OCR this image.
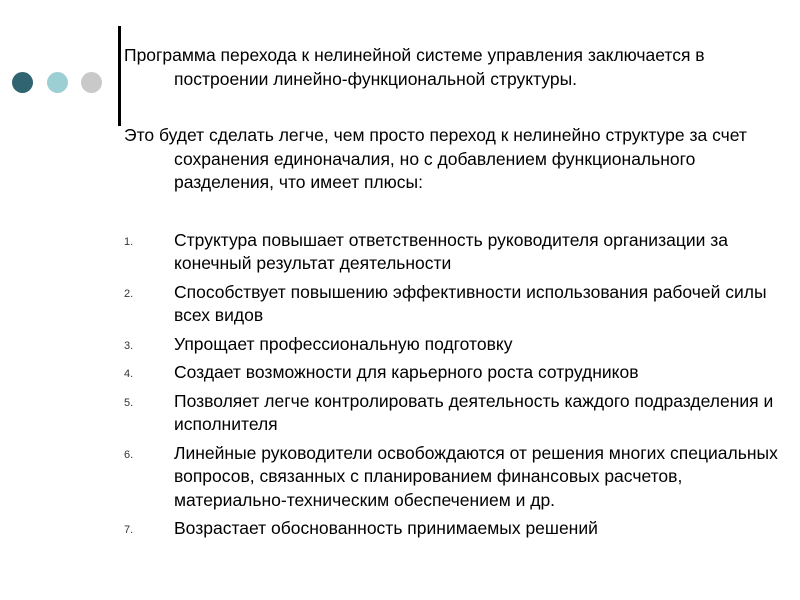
Программа перехода к нелинейной системе управления заключается в построении линейно-функциональной структуры.

Это будет сделать легче, чем просто переход к нелинейно структуре за счет сохранения единоначалия, но с добавлением функционального разделения, что имеет плюсы:

1. Структура повышает ответственность руководителя организации за конечный результат деятельности
2. Способствует повышению эффективности использования рабочей силы всех видов
3. Упрощает профессиональную подготовку
4. Создает возможности для карьерного роста сотрудников
5. Позволяет легче контролировать деятельность каждого подразделения и исполнителя
6. Линейные руководители освобождаются от решения многих специальных вопросов, связанных с планированием финансовых расчетов, материально-техническим обеспечением и др.
7. Возрастает обоснованность принимаемых решений
